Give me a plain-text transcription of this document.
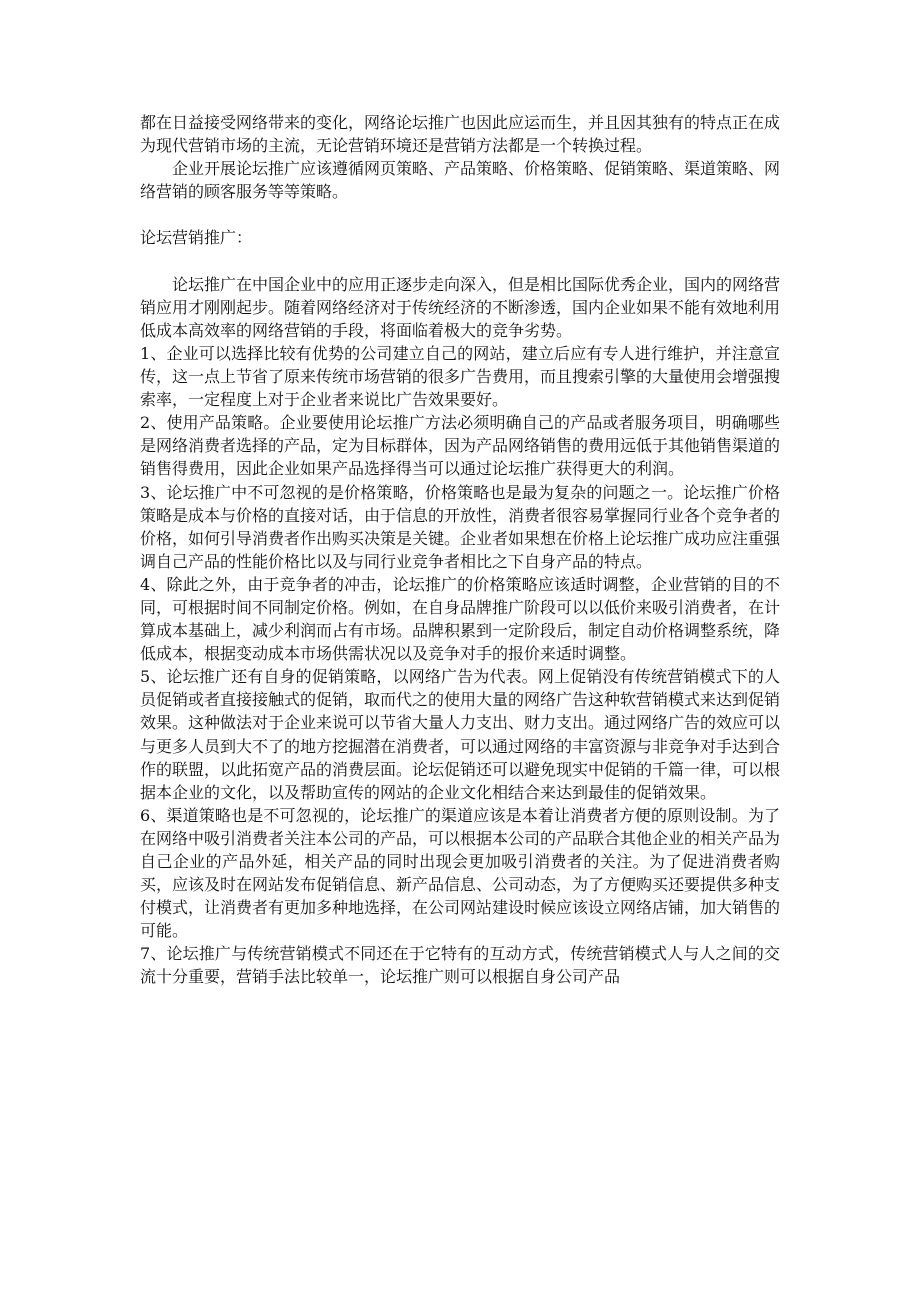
都在日益接受网络带来的变化，网络论坛推广也因此应运而生，并且因其独有的特点正在成为现代营销市场的主流，无论营销环境还是营销方法都是一个转换过程。

企业开展论坛推广应该遵循网页策略、产品策略、价格策略、促销策略、渠道策略、网络营销的顾客服务等等策略。

论坛营销推广：

论坛推广在中国企业中的应用正逐步走向深入，但是相比国际优秀企业，国内的网络营销应用才刚刚起步。随着网络经济对于传统经济的不断渗透，国内企业如果不能有效地利用低成本高效率的网络营销的手段，将面临着极大的竞争劣势。

1、企业可以选择比较有优势的公司建立自己的网站，建立后应有专人进行维护，并注意宣传，这一点上节省了原来传统市场营销的很多广告费用，而且搜索引擎的大量使用会增强搜索率，一定程度上对于企业者来说比广告效果要好。

2、使用产品策略。企业要使用论坛推广方法必须明确自己的产品或者服务项目，明确哪些是网络消费者选择的产品，定为目标群体，因为产品网络销售的费用远低于其他销售渠道的销售得费用，因此企业如果产品选择得当可以通过论坛推广获得更大的利润。

3、论坛推广中不可忽视的是价格策略，价格策略也是最为复杂的问题之一。论坛推广价格策略是成本与价格的直接对话，由于信息的开放性，消费者很容易掌握同行业各个竞争者的价格，如何引导消费者作出购买决策是关键。企业者如果想在价格上论坛推广成功应注重强调自己产品的性能价格比以及与同行业竞争者相比之下自身产品的特点。

4、除此之外，由于竞争者的冲击，论坛推广的价格策略应该适时调整，企业营销的目的不同，可根据时间不同制定价格。例如，在自身品牌推广阶段可以以低价来吸引消费者，在计算成本基础上，减少利润而占有市场。品牌积累到一定阶段后，制定自动价格调整系统，降低成本，根据变动成本市场供需状况以及竞争对手的报价来适时调整。

5、论坛推广还有自身的促销策略，以网络广告为代表。网上促销没有传统营销模式下的人员促销或者直接接触式的促销，取而代之的使用大量的网络广告这种软营销模式来达到促销效果。这种做法对于企业来说可以节省大量人力支出、财力支出。通过网络广告的效应可以与更多人员到大不了的地方挖掘潜在消费者，可以通过网络的丰富资源与非竞争对手达到合作的联盟，以此拓宽产品的消费层面。论坛促销还可以避免现实中促销的千篇一律，可以根据本企业的文化，以及帮助宣传的网站的企业文化相结合来达到最佳的促销效果。

6、渠道策略也是不可忽视的，论坛推广的渠道应该是本着让消费者方便的原则设制。为了在网络中吸引消费者关注本公司的产品，可以根据本公司的产品联合其他企业的相关产品为自己企业的产品外延，相关产品的同时出现会更加吸引消费者的关注。为了促进消费者购买，应该及时在网站发布促销信息、新产品信息、公司动态，为了方便购买还要提供多种支付模式，让消费者有更加多种地选择，在公司网站建设时候应该设立网络店铺，加大销售的可能。

7、论坛推广与传统营销模式不同还在于它特有的互动方式，传统营销模式人与人之间的交流十分重要，营销手法比较单一，论坛推广则可以根据自身公司产品
